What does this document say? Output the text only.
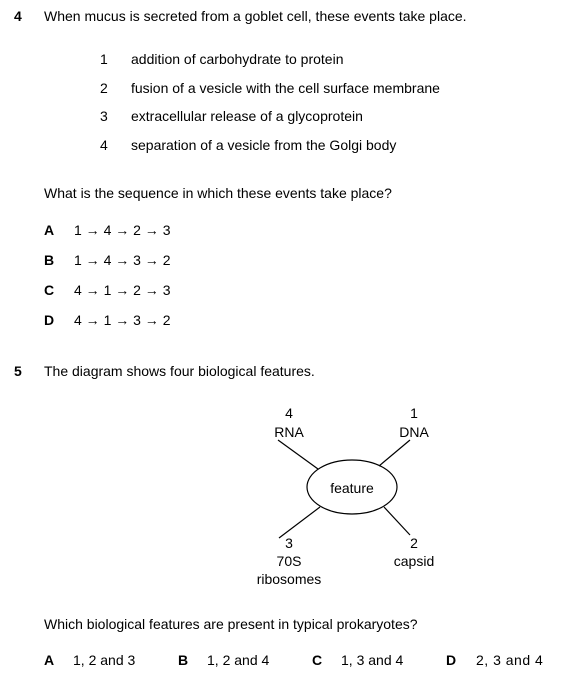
4 When mucus is secreted from a goblet cell, these events take place.
1 addition of carbohydrate to protein
2 fusion of a vesicle with the cell surface membrane
3 extracellular release of a glycoprotein
4 separation of a vesicle from the Golgi body
What is the sequence in which these events take place?
A 1 → 4 → 2 → 3
B 1 → 4 → 3 → 2
C 4 → 1 → 2 → 3
D 4 → 1 → 3 → 2
5 The diagram shows four biological features.
feature
4
RNA
1
DNA
3
70S
ribosomes
2
capsid
Which biological features are present in typical prokaryotes?
A 1, 2 and 3	B 1, 2 and 4	C 1, 3 and 4	D 2, 3 and 4
